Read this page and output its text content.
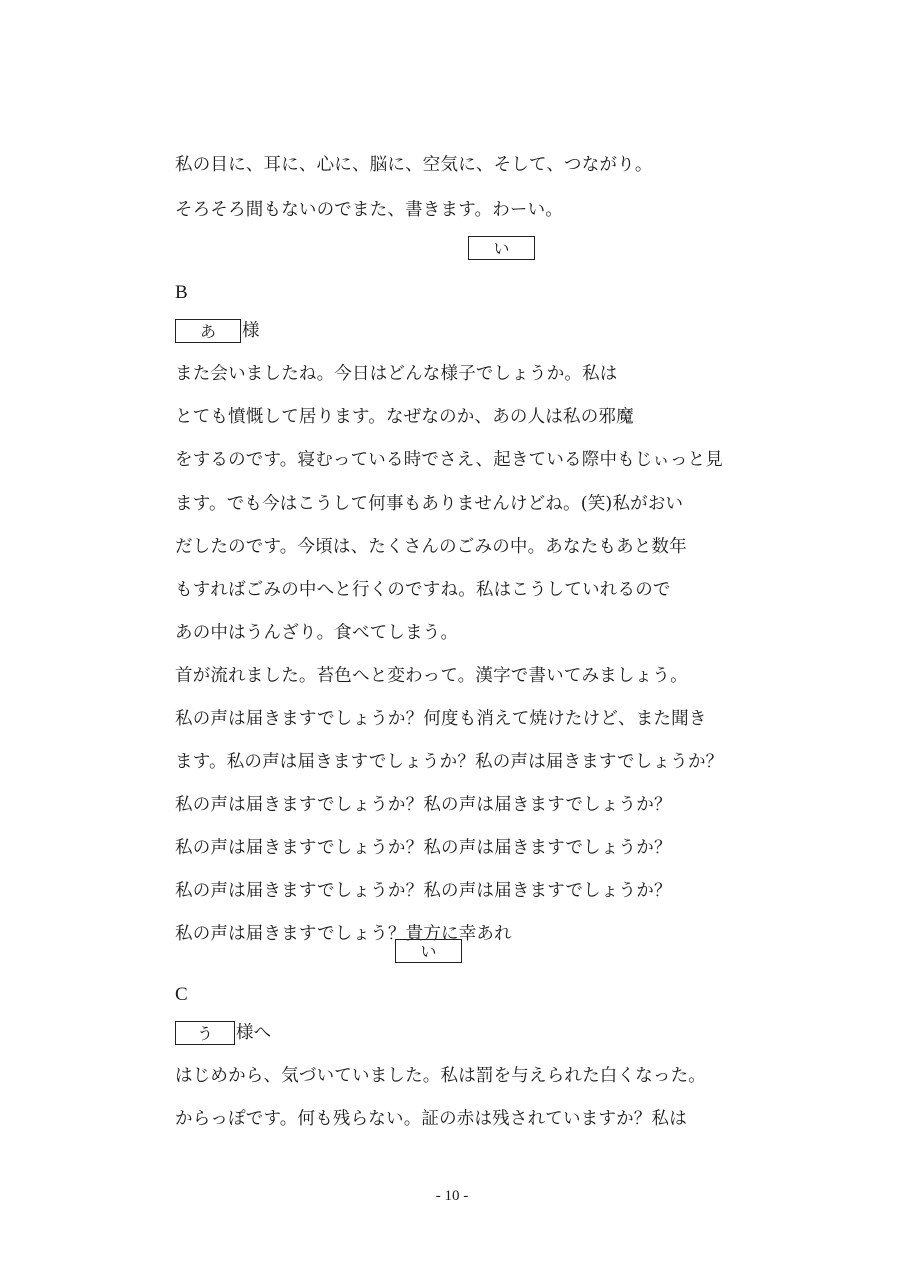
私の目に、耳に、心に、脳に、空気に、そして、つながり。
そろそろ間もないのでまた、書きます。わーい。
い
B
あ	様
また会いましたね。今日はどんな様子でしょうか。私は
とても憤慨して居ります。なぜなのか、あの人は私の邪魔
をするのです。寝むっている時でさえ、起きている際中もじぃっと見
ます。でも今はこうして何事もありませんけどね。(笑)私がおい
だしたのです。今頃は、たくさんのごみの中。あなたもあと数年
もすればごみの中へと行くのですね。私はこうしていれるので
あの中はうんざり。食べてしまう。
首が流れました。苔色へと変わって。漢字で書いてみましょう。
私の声は届きますでしょうか？何度も消えて焼けたけど、また聞き
ます。私の声は届きますでしょうか？私の声は届きますでしょうか？
私の声は届きますでしょうか？私の声は届きますでしょうか？
私の声は届きますでしょうか？私の声は届きますでしょうか？
私の声は届きますでしょうか？私の声は届きますでしょうか？
私の声は届きますでしょう？貴方に幸あれ
い
C
う	様へ
はじめから、気づいていました。私は罰を与えられた白くなった。
からっぽです。何も残らない。証の赤は残されていますか？私は
- 10 -
